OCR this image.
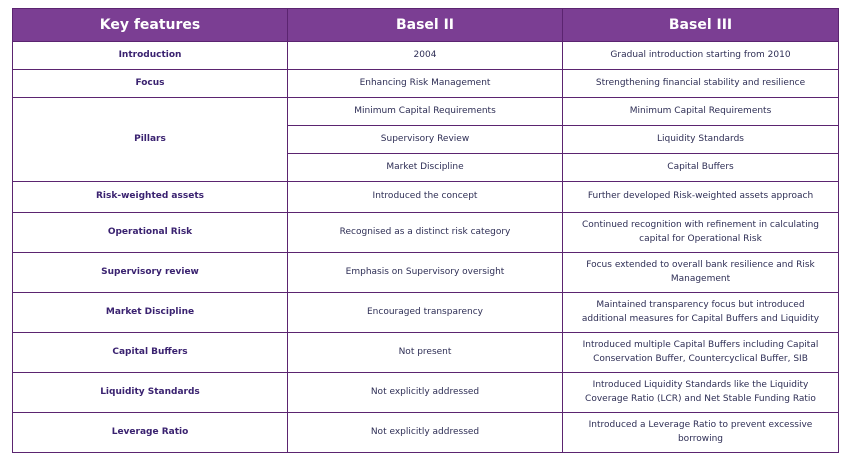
Key features	Basel II	Basel III
Introduction	2004	Gradual introduction starting from 2010
Focus	Enhancing Risk Management	Strengthening financial stability and resilience
Pillars	Minimum Capital Requirements	Minimum Capital Requirements
	Supervisory Review	Liquidity Standards
	Market Discipline	Capital Buffers
Risk-weighted assets	Introduced the concept	Further developed Risk-weighted assets approach
Operational Risk	Recognised as a distinct risk category	Continued recognition with refinement in calculating capital for Operational Risk
Supervisory review	Emphasis on Supervisory oversight	Focus extended to overall bank resilience and Risk Management
Market Discipline	Encouraged transparency	Maintained transparency focus but introduced additional measures for Capital Buffers and Liquidity
Capital Buffers	Not present	Introduced multiple Capital Buffers including Capital Conservation Buffer, Countercyclical Buffer, SIB
Liquidity Standards	Not explicitly addressed	Introduced Liquidity Standards like the Liquidity Coverage Ratio (LCR) and Net Stable Funding Ratio
Leverage Ratio	Not explicitly addressed	Introduced a Leverage Ratio to prevent excessive borrowing
